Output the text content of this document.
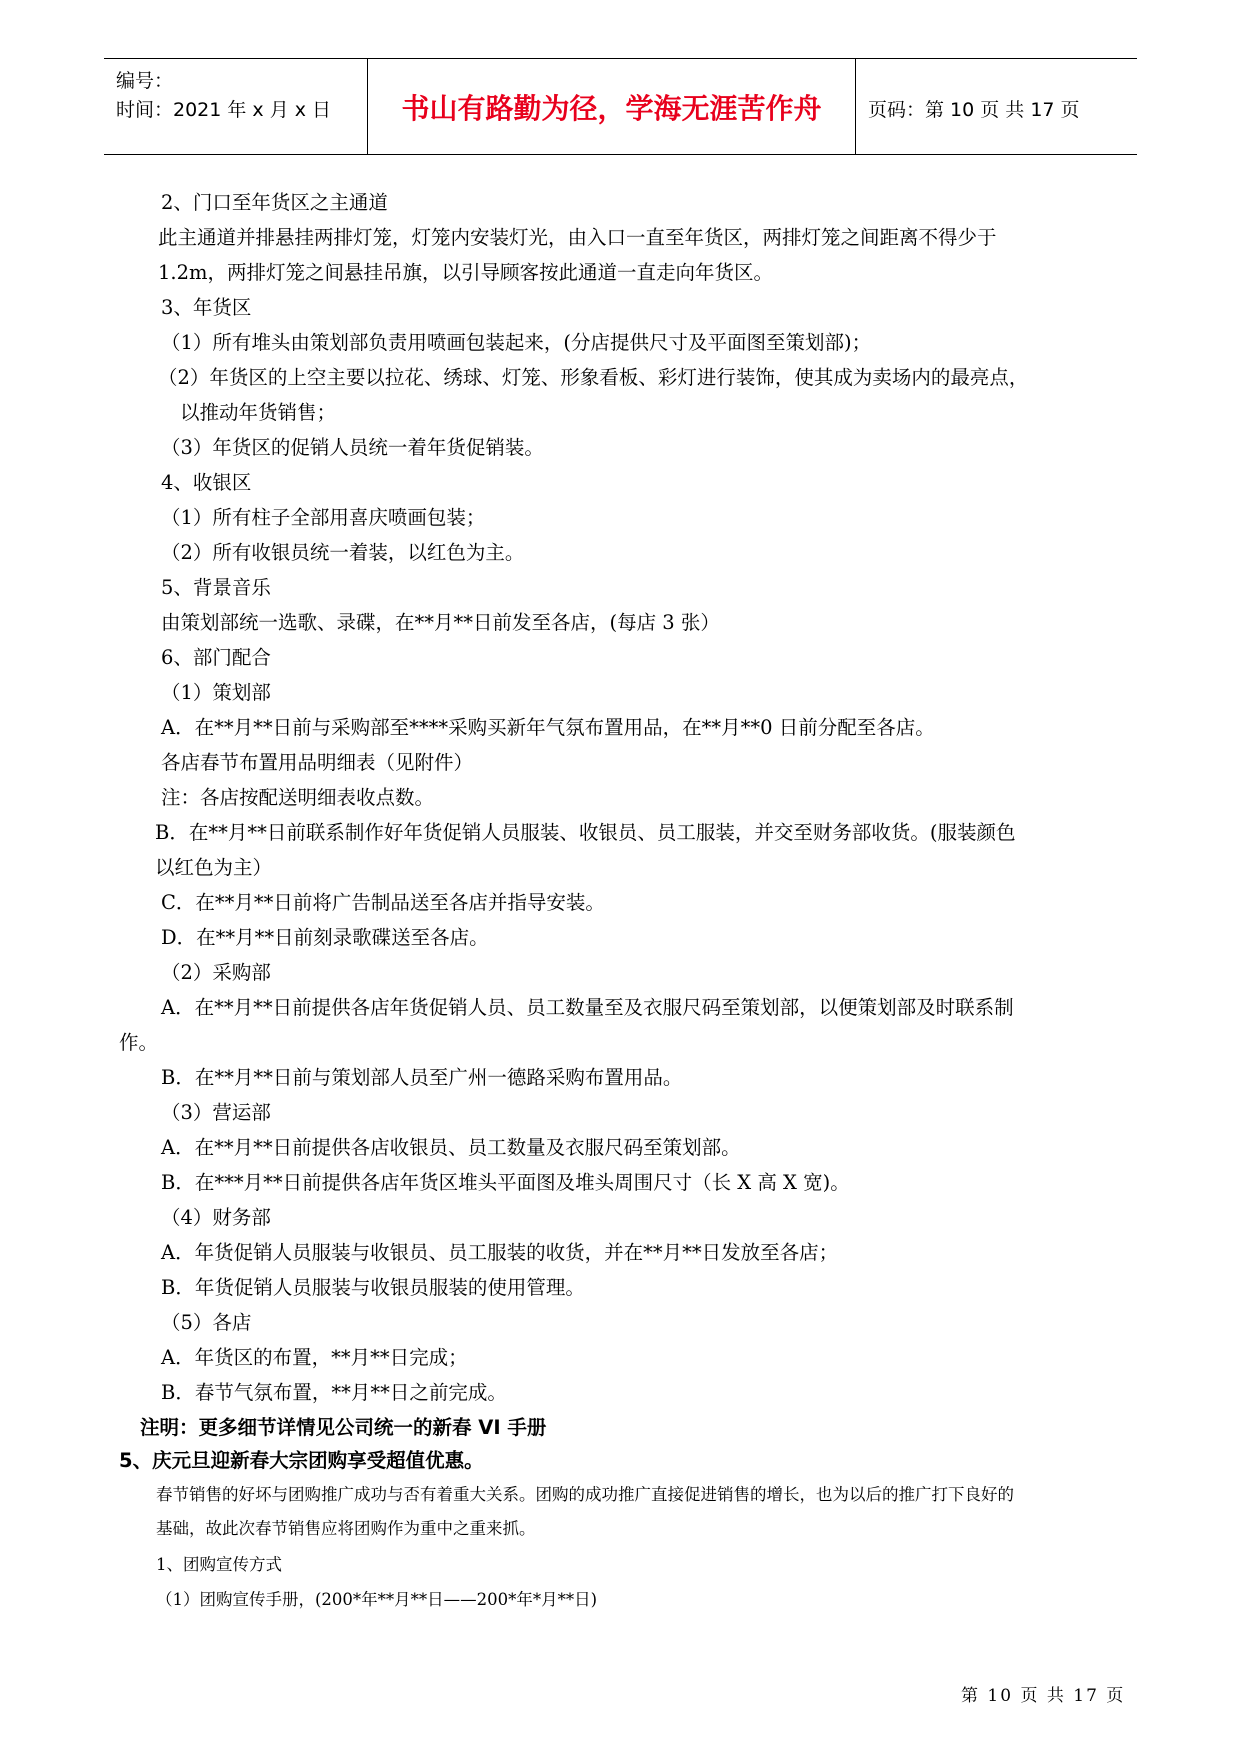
编号：
时间：2021 年 x 月 x 日	书山有路勤为径，学海无涯苦作舟	页码：第 10 页 共 17 页
2、门口至年货区之主通道
此主通道并排悬挂两排灯笼，灯笼内安装灯光，由入口一直至年货区，两排灯笼之间距离不得少于
1.2m，两排灯笼之间悬挂吊旗，以引导顾客按此通道一直走向年货区。
3、年货区
（1）所有堆头由策划部负责用喷画包装起来，(分店提供尺寸及平面图至策划部)；
（2）年货区的上空主要以拉花、绣球、灯笼、形象看板、彩灯进行装饰，使其成为卖场内的最亮点，
以推动年货销售；
（3）年货区的促销人员统一着年货促销装。
4、收银区
（1）所有柱子全部用喜庆喷画包装；
（2）所有收银员统一着装，以红色为主。
5、背景音乐
由策划部统一选歌、录碟，在**月**日前发至各店，(每店 3 张）
6、部门配合
（1）策划部
A．在**月**日前与采购部至****采购买新年气氛布置用品，在**月**0 日前分配至各店。
各店春节布置用品明细表（见附件）
注：各店按配送明细表收点数。
B．在**月**日前联系制作好年货促销人员服装、收银员、员工服装，并交至财务部收货。(服装颜色
以红色为主）
C．在**月**日前将广告制品送至各店并指导安装。
D．在**月**日前刻录歌碟送至各店。
（2）采购部
A．在**月**日前提供各店年货促销人员、员工数量至及衣服尺码至策划部，以便策划部及时联系制
作。
B．在**月**日前与策划部人员至广州一德路采购布置用品。
（3）营运部
A．在**月**日前提供各店收银员、员工数量及衣服尺码至策划部。
B．在***月**日前提供各店年货区堆头平面图及堆头周围尺寸（长 X 高 X 宽)。
（4）财务部
A．年货促销人员服装与收银员、员工服装的收货，并在**月**日发放至各店；
B．年货促销人员服装与收银员服装的使用管理。
（5）各店
A．年货区的布置，**月**日完成；
B．春节气氛布置，**月**日之前完成。
注明：更多细节详情见公司统一的新春 VI 手册
5、庆元旦迎新春大宗团购享受超值优惠。
春节销售的好坏与团购推广成功与否有着重大关系。团购的成功推广直接促进销售的增长，也为以后的推广打下良好的
基础，故此次春节销售应将团购作为重中之重来抓。
1、团购宣传方式
（1）团购宣传手册，(200*年**月**日——200*年*月**日)
第 10 页 共 17 页
